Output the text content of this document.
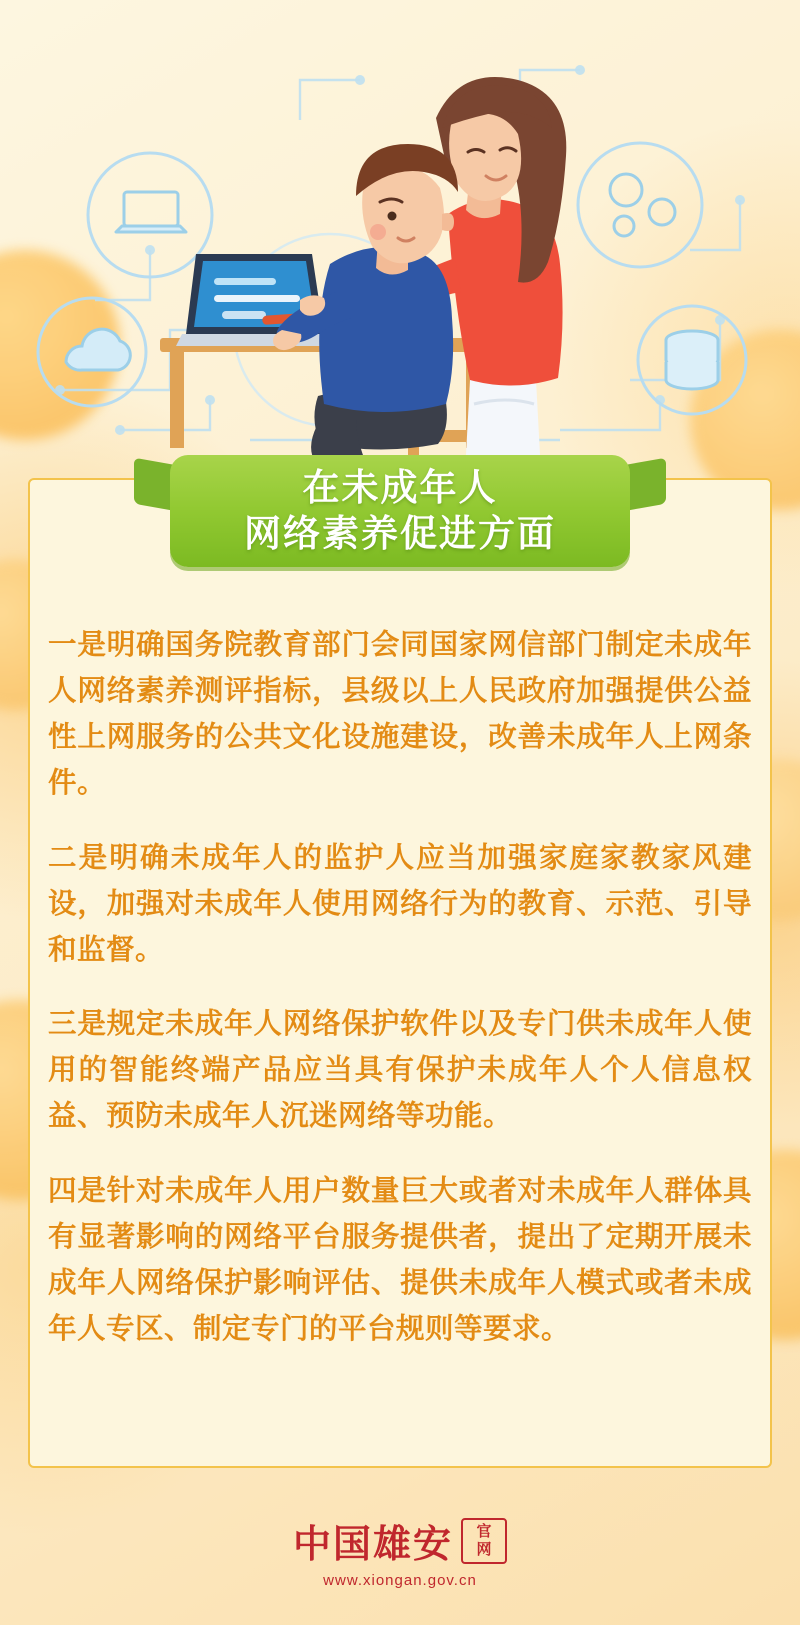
一是明确国务院教育部门会同国家网信部门制定未成年人网络素养测评指标，县级以上人民政府加强提供公益性上网服务的公共文化设施建设，改善未成年人上网条件。

二是明确未成年人的监护人应当加强家庭家教家风建设，加强对未成年人使用网络行为的教育、示范、引导和监督。

三是规定未成年人网络保护软件以及专门供未成年人使用的智能终端产品应当具有保护未成年人个人信息权益、预防未成年人沉迷网络等功能。

四是针对未成年人用户数量巨大或者对未成年人群体具有显著影响的网络平台服务提供者，提出了定期开展未成年人网络保护影响评估、提供未成年人模式或者未成年人专区、制定专门的平台规则等要求。

在未成年人
网络素养促进方面
中国雄安 官
网
www.xiongan.gov.cn
